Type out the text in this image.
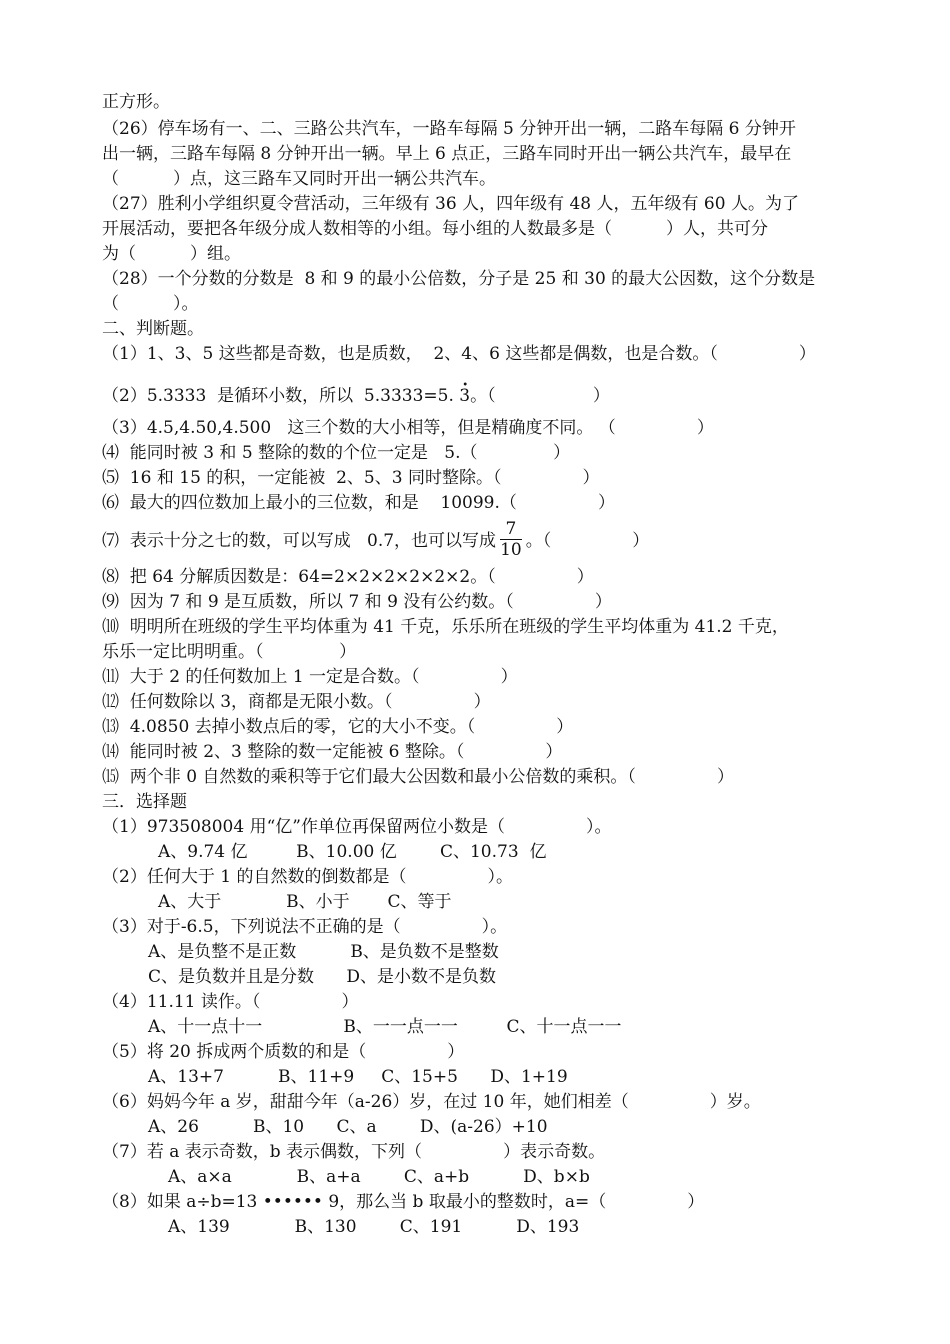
正方形。
（26）停车场有一、二、三路公共汽车，一路车每隔 5 分钟开出一辆，二路车每隔 6 分钟开
出一辆，三路车每隔 8 分钟开出一辆。早上 6 点正，三路车同时开出一辆公共汽车，最早在
（          ）点，这三路车又同时开出一辆公共汽车。
（27）胜利小学组织夏令营活动，三年级有 36 人，四年级有 48 人，五年级有 60 人。为了
开展活动，要把各年级分成人数相等的小组。每小组的人数最多是（          ）人，共可分
为（          ）组。
（28）一个分数的分数是  8 和 9 的最小公倍数，分子是 25 和 30 的最大公因数，这个分数是
（          ）。
二、判断题。
（1）1、3、5 这些都是奇数，也是质数，  2、4、6 这些都是偶数，也是合数。（               ）
（2）5.3333  是循环小数，所以  5.3333=5. 3 •。（                  ）
（3）4.5,4.50,4.500   这三个数的大小相等，但是精确度不同。 （               ）
⑷  能同时被 3 和 5 整除的数的个位一定是   5.（              ）
⑸  16 和 15 的积，一定能被  2、5、3 同时整除。（               ）
⑹  最大的四位数加上最小的三位数，和是    10099.（               ）
⑺  表示十分之七的数，可以写成   0.7，也可以写成 $\frac{7}{10}$ 。（               ）
⑻  把 64 分解质因数是：64=2×2×2×2×2×2。（               ）
⑼  因为 7 和 9 是互质数，所以 7 和 9 没有公约数。（               ）
⑽  明明所在班级的学生平均体重为 41 千克，乐乐所在班级的学生平均体重为 41.2 千克，
乐乐一定比明明重。（              ）
⑾  大于 2 的任何数加上 1 一定是合数。（               ）
⑿  任何数除以 3，商都是无限小数。（               ）
⒀  4.0850 去掉小数点后的零，它的大小不变。（               ）
⒁  能同时被 2、3 整除的数一定能被 6 整除。（               ）
⒂  两个非 0 自然数的乘积等于它们最大公因数和最小公倍数的乘积。（               ）
三．选择题
（1）973508004 用“亿”作单位再保留两位小数是（               ）。
A、9.74 亿         B、10.00 亿        C、10.73  亿
（2）任何大于 1 的自然数的倒数都是（               ）。
A、大于            B、小于       C、等于
（3）对于-6.5，下列说法不正确的是（               ）。
A、是负整不是正数          B、是负数不是整数
C、是负数并且是分数      D、是小数不是负数
（4）11.11 读作。（               ）
A、十一点十一               B、一一点一一         C、十一点一一
（5）将 20 拆成两个质数的和是（               ）
A、13+7          B、11+9     C、15+5      D、1+19
（6）妈妈今年 a 岁，甜甜今年（a-26）岁，在过 10 年，她们相差（               ）岁。
A、26          B、10      C、a        D、(a-26）+10
（7）若 a 表示奇数，b 表示偶数，下列（               ）表示奇数。
A、a×a            B、a+a        C、a+b          D、b×b
（8）如果 a÷b=13 •••••• 9，那么当 b 取最小的整数时，a=（               ）
A、139            B、130        C、191          D、193
